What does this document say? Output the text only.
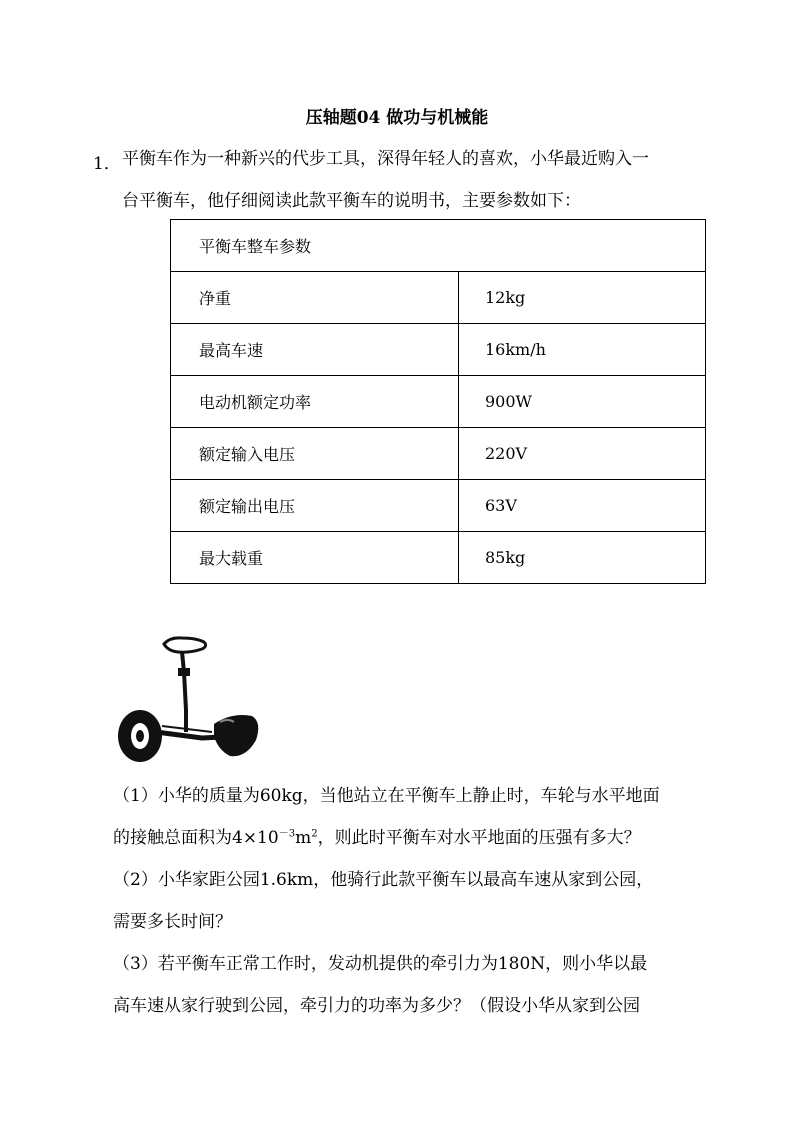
压轴题04 做功与机械能
1． 平衡车作为一种新兴的代步工具，深得年轻人的喜欢，小华最近购入一
台平衡车，他仔细阅读此款平衡车的说明书，主要参数如下：
平衡车整车参数	
净重	12kg
最高车速	16km/h
电动机额定功率	900W
额定输入电压	220V
额定输出电压	63V
最大载重	85kg
（1）小华的质量为60kg，当他站立在平衡车上静止时，车轮与水平地面
的接触总面积为$4\times 10^{-3}m^2$，则此时平衡车对水平地面的压强有多大？
（2）小华家距公园1.6km，他骑行此款平衡车以最高车速从家到公园，
需要多长时间？
（3）若平衡车正常工作时，发动机提供的牵引力为180N，则小华以最
高车速从家行驶到公园，牵引力的功率为多少？（假设小华从家到公园
